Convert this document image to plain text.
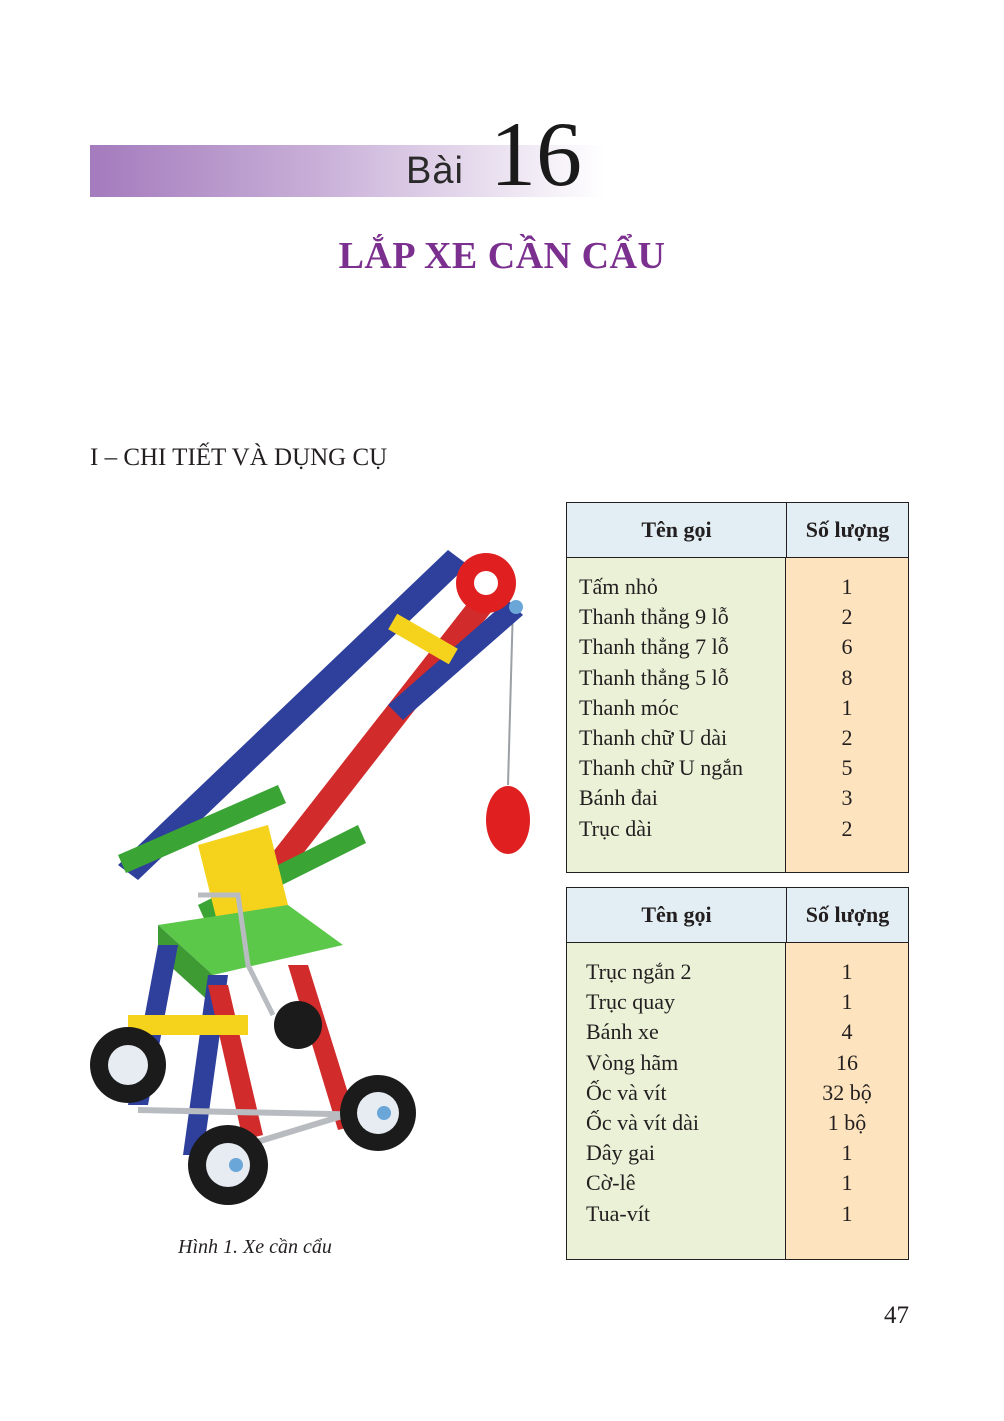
Bài 16
LẮP XE CẦN CẨU
I – CHI TIẾT VÀ DỤNG CỤ
Hình 1. Xe cần cẩu
Tên gọi	Số lượng
Tấm nhỏ
Thanh thẳng 9 lỗ
Thanh thẳng 7 lỗ
Thanh thẳng 5 lỗ
Thanh móc
Thanh chữ U dài
Thanh chữ U ngắn
Bánh đai
Trục dài
1
2
6
8
1
2
5
3
2
Tên gọi	Số lượng
Trục ngắn 2
Trục quay
Bánh xe
Vòng hãm
Ốc và vít
Ốc và vít dài
Dây gai
Cờ-lê
Tua-vít
1
1
4
16
32 bộ
1 bộ
1
1
1
47
